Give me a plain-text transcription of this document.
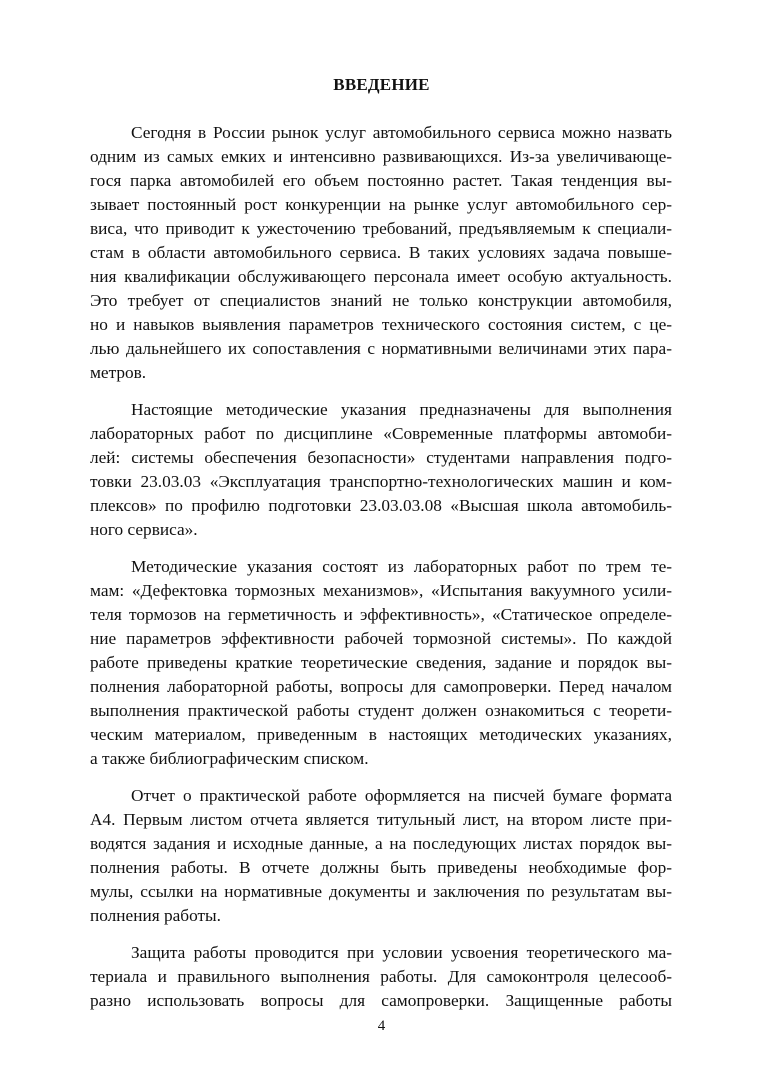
ВВЕДЕНИЕ
Сегодня в России рынок услуг автомобильного сервиса можно назвать
одним из самых емких и интенсивно развивающихся. Из-за увеличивающе-
гося парка автомобилей его объем постоянно растет. Такая тенденция вы-
зывает постоянный рост конкуренции на рынке услуг автомобильного сер-
виса, что приводит к ужесточению требований, предъявляемым к специали-
стам в области автомобильного сервиса. В таких условиях задача повыше-
ния квалификации обслуживающего персонала имеет особую актуальность.
Это требует от специалистов знаний не только конструкции автомобиля,
но и навыков выявления параметров технического состояния систем, с це-
лью дальнейшего их сопоставления с нормативными величинами этих пара-
метров.
Настоящие методические указания предназначены для выполнения
лабораторных работ по дисциплине «Современные платформы автомоби-
лей: системы обеспечения безопасности» студентами направления подго-
товки 23.03.03 «Эксплуатация транспортно-технологических машин и ком-
плексов» по профилю подготовки 23.03.03.08 «Высшая школа автомобиль-
ного сервиса».
Методические указания состоят из лабораторных работ по трем те-
мам: «Дефектовка тормозных механизмов», «Испытания вакуумного усили-
теля тормозов на герметичность и эффективность», «Статическое определе-
ние параметров эффективности рабочей тормозной системы». По каждой
работе приведены краткие теоретические сведения, задание и порядок вы-
полнения лабораторной работы, вопросы для самопроверки. Перед началом
выполнения практической работы студент должен ознакомиться с теорети-
ческим материалом, приведенным в настоящих методических указаниях,
а также библиографическим списком.
Отчет о практической работе оформляется на писчей бумаге формата
А4. Первым листом отчета является титульный лист, на втором листе при-
водятся задания и исходные данные, а на последующих листах порядок вы-
полнения работы. В отчете должны быть приведены необходимые фор-
мулы, ссылки на нормативные документы и заключения по результатам вы-
полнения работы.
Защита работы проводится при условии усвоения теоретического ма-
териала и правильного выполнения работы. Для самоконтроля целесооб-
разно использовать вопросы для самопроверки. Защищенные работы
4
